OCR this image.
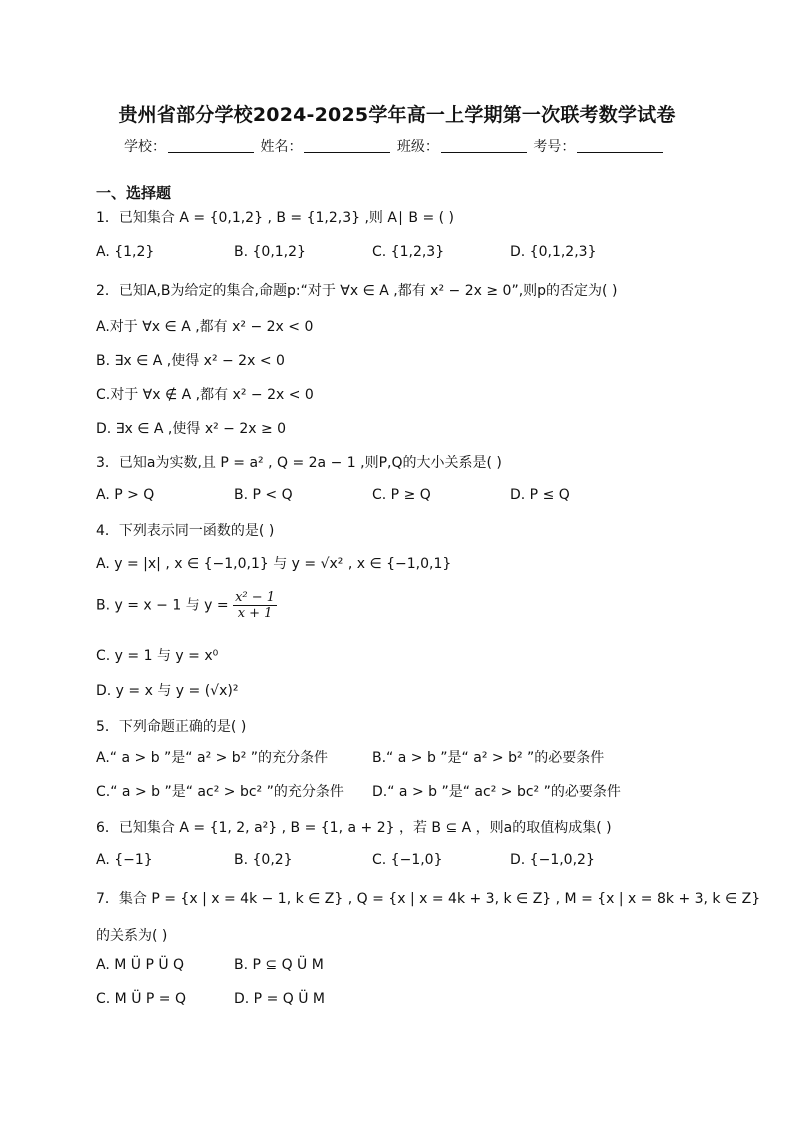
贵州省部分学校2024-2025学年高一上学期第一次联考数学试卷
学校：	姓名：	班级：	考号：
一、选择题
1．已知集合 A = {0,1,2} , B = {1,2,3} ,则 A∣ B = ( )
A. {1,2}	B. {0,1,2}	C. {1,2,3}	D. {0,1,2,3}
2．已知A,B为给定的集合,命题p:“对于 ∀x ∈ A ,都有 x² − 2x ≥ 0”,则p的否定为( )
A.对于 ∀x ∈ A ,都有 x² − 2x < 0
B. ∃x ∈ A ,使得 x² − 2x < 0
C.对于 ∀x ∉ A ,都有 x² − 2x < 0
D. ∃x ∈ A ,使得 x² − 2x ≥ 0
3．已知a为实数,且 P = a² , Q = 2a − 1 ,则P,Q的大小关系是( )
A. P > Q	B. P < Q	C. P ≥ Q	D. P ≤ Q
4．下列表示同一函数的是( )
A. y = |x| , x ∈ {−1,0,1} 与 y = √x² , x ∈ {−1,0,1}
B. y = x − 1 与 $y = \frac{\text{x² − 1}}{x + 1}$
C. y = 1 与 y = x⁰
D. y = x 与 y = (√x)²
5．下列命题正确的是( )
A.“ a > b ”是“ a² > b² ”的充分条件	B.“ a > b ”是“ a² > b² ”的必要条件
C.“ a > b ”是“ ac² > bc² ”的充分条件 D.“ a > b ”是“ ac² > bc² ”的必要条件
6．已知集合 A = {1, 2, a²} , B = {1, a + 2} ，若 B ⊆ A ，则a的取值构成集( )
A. {−1}	B. {0,2}	C. {−1,0}	D. {−1,0,2}
7．集合 P = {x | x = 4k − 1, k ∈ Z} , Q = {x | x = 4k + 3, k ∈ Z} , M = {x | x = 8k + 3, k ∈ Z}
的关系为( )
A. M Ü P Ü Q	B. P ⊆ Q Ü M
C. M Ü P = Q	D. P = Q Ü M
